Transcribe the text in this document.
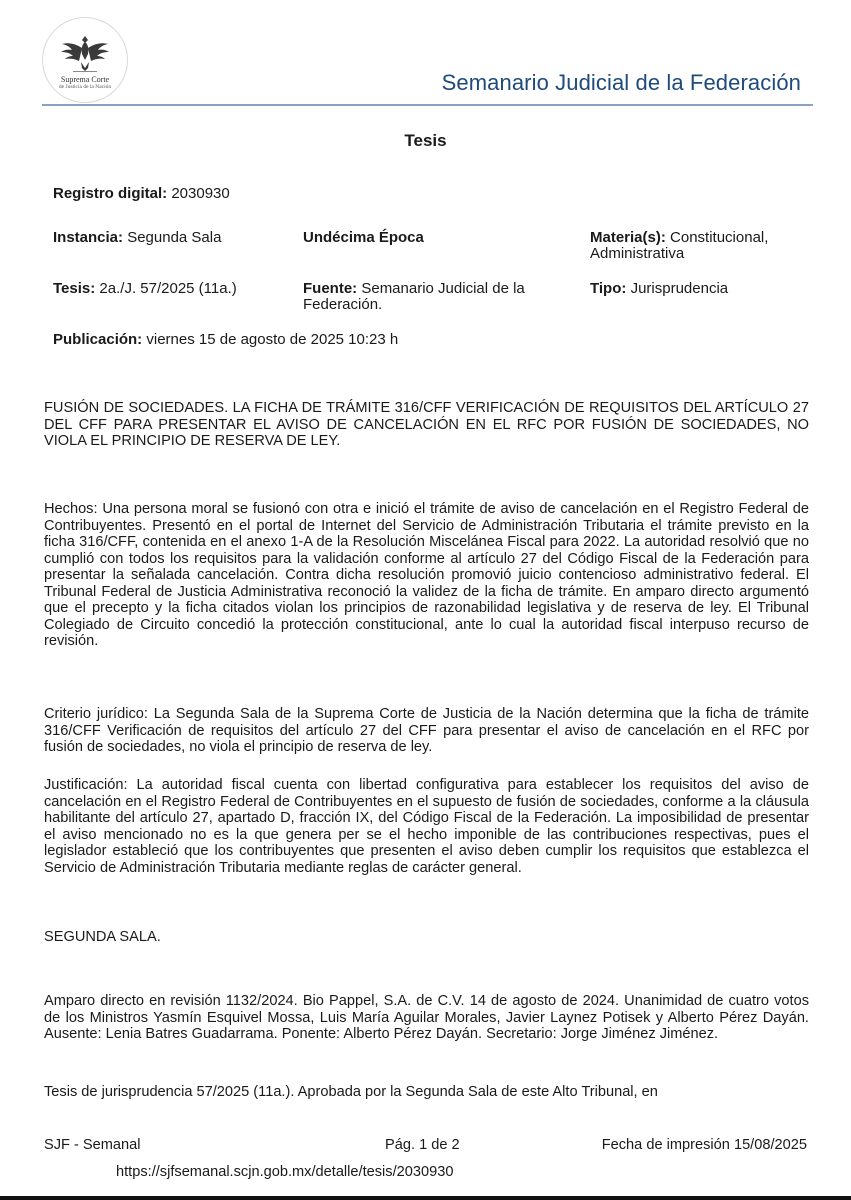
Suprema Corte
de Justicia de la Nación	Semanario Judicial de la Federación
Tesis
Registro digital: 2030930
Instancia: Segunda Sala	Undécima Época	Materia(s): Constitucional,
Administrativa
Tesis: 2a./J. 57/2025 (11a.)	Fuente: Semanario Judicial de la
Federación.
Tipo: Jurisprudencia
Publicación: viernes 15 de agosto de 2025 10:23 h
FUSIÓN DE SOCIEDADES. LA FICHA DE TRÁMITE 316/CFF VERIFICACIÓN DE REQUISITOS DEL ARTÍCULO 27 DEL CFF PARA PRESENTAR EL AVISO DE CANCELACIÓN EN EL RFC POR FUSIÓN DE SOCIEDADES, NO VIOLA EL PRINCIPIO DE RESERVA DE LEY.
Hechos: Una persona moral se fusionó con otra e inició el trámite de aviso de cancelación en el Registro Federal de Contribuyentes. Presentó en el portal de Internet del Servicio de Administración Tributaria el trámite previsto en la ficha 316/CFF, contenida en el anexo 1-A de la Resolución Miscelánea Fiscal para 2022. La autoridad resolvió que no cumplió con todos los requisitos para la validación conforme al artículo 27 del Código Fiscal de la Federación para presentar la señalada cancelación. Contra dicha resolución promovió juicio contencioso administrativo federal. El Tribunal Federal de Justicia Administrativa reconoció la validez de la ficha de trámite. En amparo directo argumentó que el precepto y la ficha citados violan los principios de razonabilidad legislativa y de reserva de ley. El Tribunal Colegiado de Circuito concedió la protección constitucional, ante lo cual la autoridad fiscal interpuso recurso de revisión.
Criterio jurídico: La Segunda Sala de la Suprema Corte de Justicia de la Nación determina que la ficha de trámite 316/CFF Verificación de requisitos del artículo 27 del CFF para presentar el aviso de cancelación en el RFC por fusión de sociedades, no viola el principio de reserva de ley.
Justificación: La autoridad fiscal cuenta con libertad configurativa para establecer los requisitos del aviso de cancelación en el Registro Federal de Contribuyentes en el supuesto de fusión de sociedades, conforme a la cláusula habilitante del artículo 27, apartado D, fracción IX, del Código Fiscal de la Federación. La imposibilidad de presentar el aviso mencionado no es la que genera per se el hecho imponible de las contribuciones respectivas, pues el legislador estableció que los contribuyentes que presenten el aviso deben cumplir los requisitos que establezca el Servicio de Administración Tributaria mediante reglas de carácter general.
SEGUNDA SALA.
Amparo directo en revisión 1132/2024. Bio Pappel, S.A. de C.V. 14 de agosto de 2024. Unanimidad de cuatro votos de los Ministros Yasmín Esquivel Mossa, Luis María Aguilar Morales, Javier Laynez Potisek y Alberto Pérez Dayán. Ausente: Lenia Batres Guadarrama. Ponente: Alberto Pérez Dayán. Secretario: Jorge Jiménez Jiménez.
Tesis de jurisprudencia 57/2025 (11a.). Aprobada por la Segunda Sala de este Alto Tribunal, en
SJF - Semanal	Pág. 1 de 2	Fecha de impresión 15/08/2025
https://sjfsemanal.scjn.gob.mx/detalle/tesis/2030930
